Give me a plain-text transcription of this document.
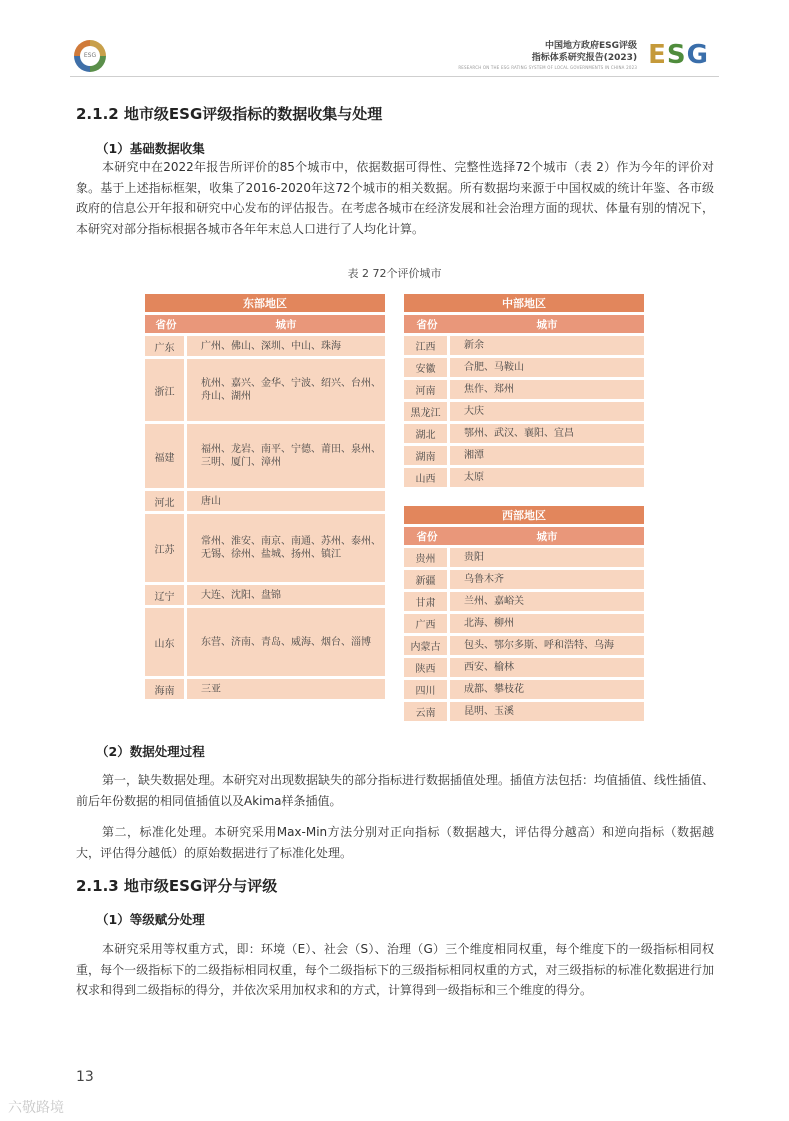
ESG
中国地方政府ESG评级
指标体系研究报告(2023)
RESEARCH ON THE ESG RATING SYSTEM OF LOCAL GOVERNMENTS IN CHINA 2023 ESG
2.1.2 地市级ESG评级指标的数据收集与处理
（1）基础数据收集

本研究中在2022年报告所评价的85个城市中，依据数据可得性、完整性选择72个城市（表 2）作为今年的评价对象。基于上述指标框架，收集了2016-2020年这72个城市的相关数据。所有数据均来源于中国权威的统计年鉴、各市级政府的信息公开年报和研究中心发布的评估报告。在考虑各城市在经济发展和社会治理方面的现状、体量有别的情况下，本研究对部分指标根据各城市各年年末总人口进行了人均化计算。

表 2 72个评价城市
东部地区	
省份	城市
广东	广州、佛山、深圳、中山、珠海
浙江	杭州、嘉兴、金华、宁波、绍兴、台州、舟山、湖州
福建	福州、龙岩、南平、宁德、莆田、泉州、三明、厦门、漳州
河北	唐山
江苏	常州、淮安、南京、南通、苏州、泰州、无锡、徐州、盐城、扬州、镇江
辽宁	大连、沈阳、盘锦
山东	东营、济南、青岛、威海、烟台、淄博
海南	三亚
中部地区	
省份	城市
江西	新余
安徽	合肥、马鞍山
河南	焦作、郑州
黑龙江	大庆
湖北	鄂州、武汉、襄阳、宜昌
湖南	湘潭
山西	太原
西部地区	
省份	城市
贵州	贵阳
新疆	乌鲁木齐
甘肃	兰州、嘉峪关
广西	北海、柳州
内蒙古	包头、鄂尔多斯、呼和浩特、乌海
陕西	西安、榆林
四川	成都、攀枝花
云南	昆明、玉溪
（2）数据处理过程

第一，缺失数据处理。本研究对出现数据缺失的部分指标进行数据插值处理。插值方法包括：均值插值、线性插值、前后年份数据的相同值插值以及Akima样条插值。

第二，标准化处理。本研究采用Max-Min方法分别对正向指标（数据越大，评估得分越高）和逆向指标（数据越大，评估得分越低）的原始数据进行了标准化处理。

2.1.3 地市级ESG评分与评级
（1）等级赋分处理

本研究采用等权重方式，即：环境（E）、社会（S）、治理（G）三个维度相同权重，每个维度下的一级指标相同权重，每个一级指标下的二级指标相同权重，每个二级指标下的三级指标相同权重的方式，对三级指标的标准化数据进行加权求和得到二级指标的得分，并依次采用加权求和的方式，计算得到一级指标和三个维度的得分。

13
六敬路境
